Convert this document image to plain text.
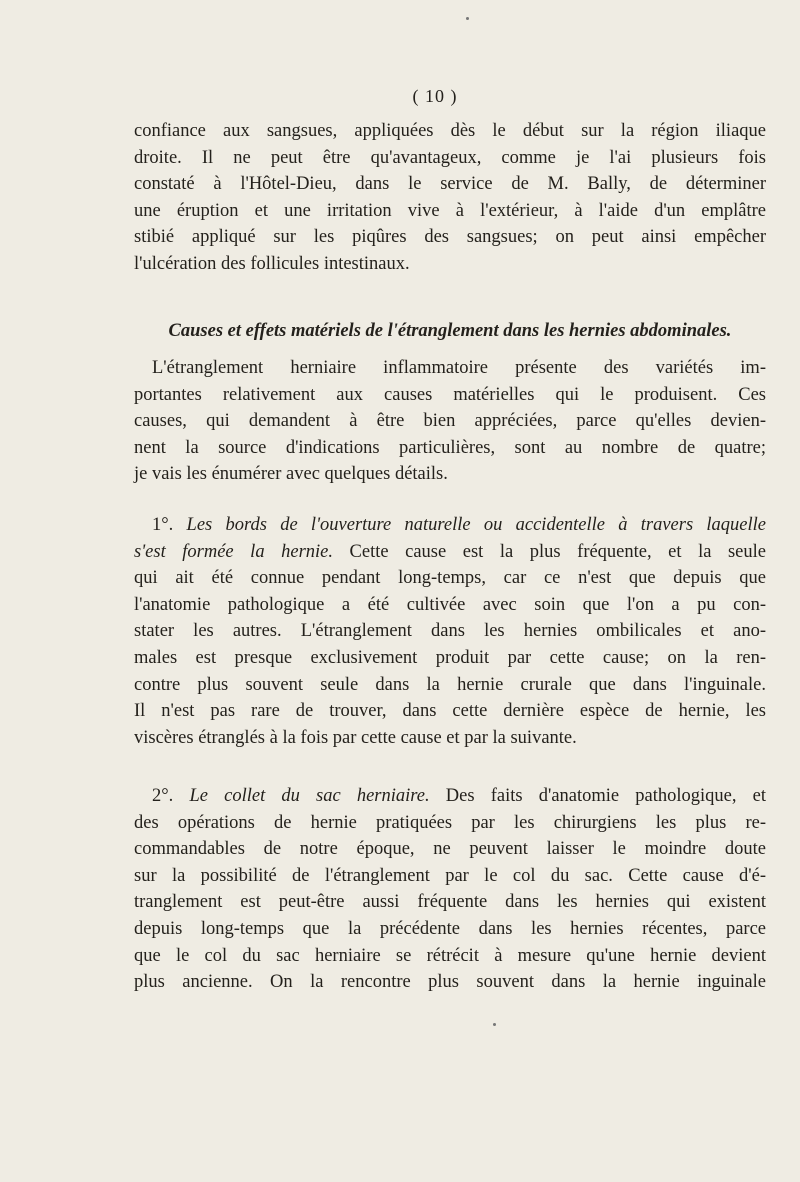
( 10 )
confiance aux sangsues, appliquées dès le début sur la région iliaque
droite. Il ne peut être qu'avantageux, comme je l'ai plusieurs fois
constaté à l'Hôtel-Dieu, dans le service de M. Bally, de déterminer
une éruption et une irritation vive à l'extérieur, à l'aide d'un emplâtre
stibié appliqué sur les piqûres des sangsues; on peut ainsi empêcher
l'ulcération des follicules intestinaux.
Causes et effets matériels de l'étranglement dans les hernies abdominales.
L'étranglement herniaire inflammatoire présente des variétés im-
portantes relativement aux causes matérielles qui le produisent. Ces
causes, qui demandent à être bien appréciées, parce qu'elles devien-
nent la source d'indications particulières, sont au nombre de quatre;
je vais les énumérer avec quelques détails.
1°. Les bords de l'ouverture naturelle ou accidentelle à travers laquelle
s'est formée la hernie. Cette cause est la plus fréquente, et la seule
qui ait été connue pendant long-temps, car ce n'est que depuis que
l'anatomie pathologique a été cultivée avec soin que l'on a pu con-
stater les autres. L'étranglement dans les hernies ombilicales et ano-
males est presque exclusivement produit par cette cause; on la ren-
contre plus souvent seule dans la hernie crurale que dans l'inguinale.
Il n'est pas rare de trouver, dans cette dernière espèce de hernie, les
viscères étranglés à la fois par cette cause et par la suivante.
2°. Le collet du sac herniaire. Des faits d'anatomie pathologique, et
des opérations de hernie pratiquées par les chirurgiens les plus re-
commandables de notre époque, ne peuvent laisser le moindre doute
sur la possibilité de l'étranglement par le col du sac. Cette cause d'é-
tranglement est peut-être aussi fréquente dans les hernies qui existent
depuis long-temps que la précédente dans les hernies récentes, parce
que le col du sac herniaire se rétrécit à mesure qu'une hernie devient
plus ancienne. On la rencontre plus souvent dans la hernie inguinale
